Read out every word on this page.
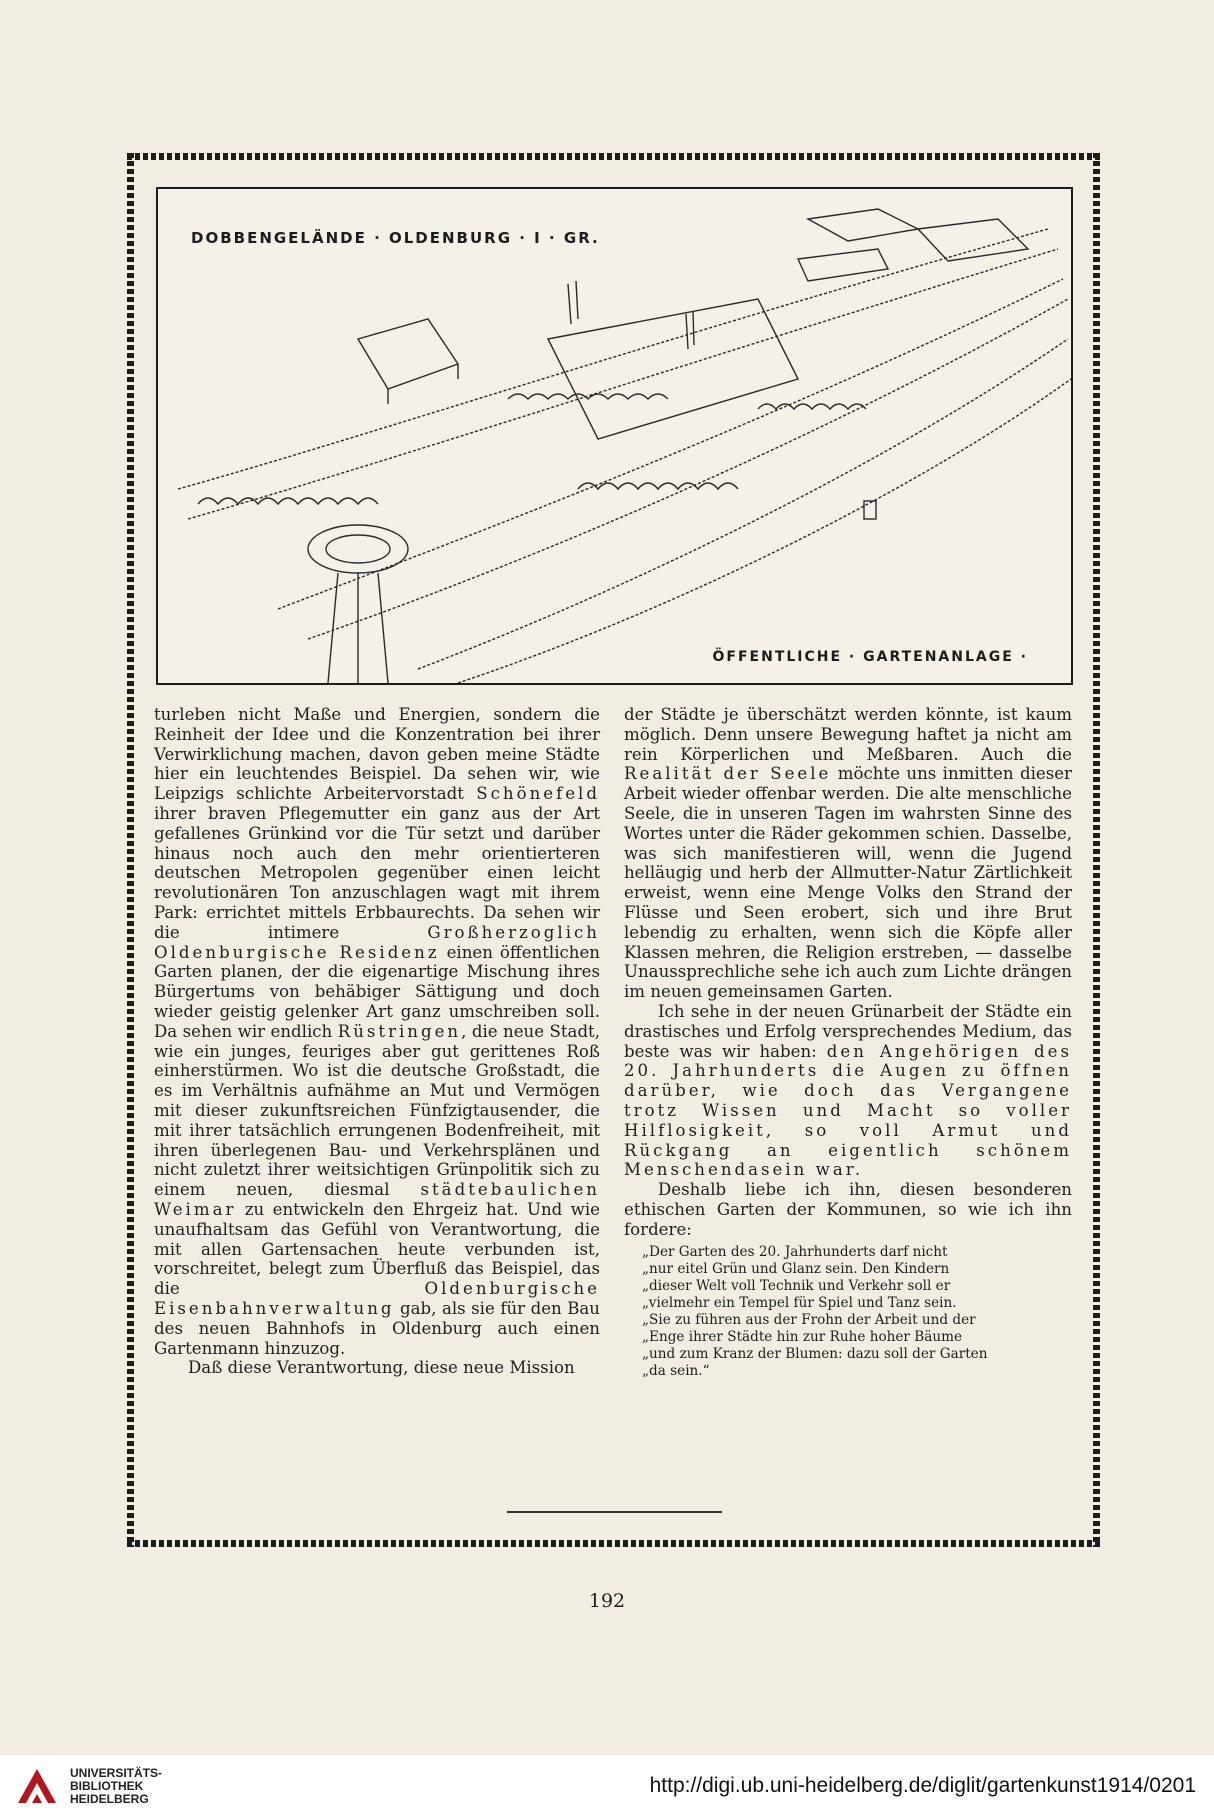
DOBBENGELÄNDE · OLDENBURG · I · GR.
ÖFFENTLICHE · GARTENANLAGE ·

turleben nicht Maße und Energien, sondern die Reinheit der Idee und die Konzentration bei ihrer Verwirklichung machen, davon geben meine Städte hier ein leuchtendes Beispiel. Da sehen wir, wie Leipzigs schlichte Arbeitervorstadt Schönefeld ihrer braven Pflegemutter ein ganz aus der Art gefallenes Grünkind vor die Tür setzt und darüber hinaus noch auch den mehr orientierteren deutschen Metropolen gegenüber einen leicht revolutionären Ton anzuschlagen wagt mit ihrem Park: errichtet mittels Erbbaurechts. Da sehen wir die intimere Großherzoglich Oldenburgische Residenz einen öffentlichen Garten planen, der die eigenartige Mischung ihres Bürgertums von behäbiger Sättigung und doch wieder geistig gelenker Art ganz umschreiben soll. Da sehen wir endlich Rüstringen, die neue Stadt, wie ein junges, feuriges aber gut gerittenes Roß einherstürmen. Wo ist die deutsche Großstadt, die es im Verhältnis aufnähme an Mut und Vermögen mit dieser zukunftsreichen Fünfzigtausender, die mit ihrer tatsächlich errungenen Bodenfreiheit, mit ihren überlegenen Bau- und Verkehrsplänen und nicht zuletzt ihrer weitsichtigen Grünpolitik sich zu einem neuen, diesmal städtebaulichen Weimar zu entwickeln den Ehrgeiz hat. Und wie unaufhaltsam das Gefühl von Verantwortung, die mit allen Gartensachen heute verbunden ist, vorschreitet, belegt zum Überfluß das Beispiel, das die Oldenburgische Eisenbahnverwaltung gab, als sie für den Bau des neuen Bahnhofs in Oldenburg auch einen Gartenmann hinzuzog.

Daß diese Verantwortung, diese neue Mission

der Städte je überschätzt werden könnte, ist kaum möglich. Denn unsere Bewegung haftet ja nicht am rein Körperlichen und Meßbaren. Auch die Realität der Seele möchte uns inmitten dieser Arbeit wieder offenbar werden. Die alte menschliche Seele, die in unseren Tagen im wahrsten Sinne des Wortes unter die Räder gekommen schien. Dasselbe, was sich manifestieren will, wenn die Jugend helläugig und herb der Allmutter-Natur Zärtlichkeit erweist, wenn eine Menge Volks den Strand der Flüsse und Seen erobert, sich und ihre Brut lebendig zu erhalten, wenn sich die Köpfe aller Klassen mehren, die Religion erstreben, — dasselbe Unaussprechliche sehe ich auch zum Lichte drängen im neuen gemeinsamen Garten.

Ich sehe in der neuen Grünarbeit der Städte ein drastisches und Erfolg versprechendes Medium, das beste was wir haben: den Angehörigen des 20. Jahrhunderts die Augen zu öffnen darüber, wie doch das Vergangene trotz Wissen und Macht so voller Hilflosigkeit, so voll Armut und Rückgang an eigentlich schönem Menschendasein war.

Deshalb liebe ich ihn, diesen besonderen ethischen Garten der Kommunen, so wie ich ihn fordere:

„Der Garten des 20. Jahrhunderts darf nicht
„nur eitel Grün und Glanz sein. Den Kindern
„dieser Welt voll Technik und Verkehr soll er
„vielmehr ein Tempel für Spiel und Tanz sein.
„Sie zu führen aus der Frohn der Arbeit und der
„Enge ihrer Städte hin zur Ruhe hoher Bäume
„und zum Kranz der Blumen: dazu soll der Garten
„da sein.“
192
UNIVERSITÄTS-
BIBLIOTHEK
HEIDELBERG
http://digi.ub.uni-heidelberg.de/diglit/gartenkunst1914/0201
